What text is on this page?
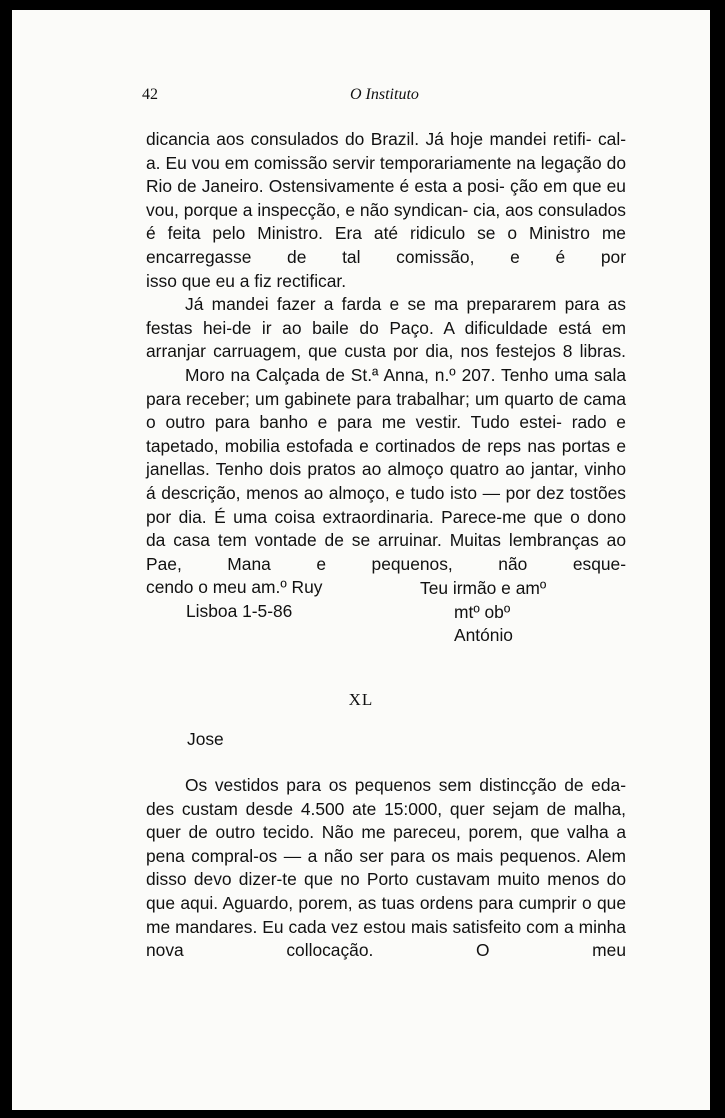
42	O Instituto

dicancia aos consulados do Brazil. Já hoje mandei retifi- cal-a. Eu vou em comissão servir temporariamente na legação do Rio de Janeiro. Ostensivamente é esta a posi- ção em que eu vou, porque a inspecção, e não syndican- cia, aos consulados é feita pelo Ministro. Era até ridiculo se o Ministro me encarregasse de tal comissão, e é por

isso que eu a fiz rectificar.

Já mandei fazer a farda e se ma prepararem para as festas hei-de ir ao baile do Paço. A dificuldade está em arranjar carruagem, que custa por dia, nos festejos 8 libras.

Moro na Calçada de St.ª Anna, n.º 207. Tenho uma sala para receber; um gabinete para trabalhar; um quarto de cama o outro para banho e para me vestir. Tudo estei- rado e tapetado, mobilia estofada e cortinados de reps nas portas e janellas. Tenho dois pratos ao almoço quatro ao jantar, vinho á descrição, menos ao almoço, e tudo isto — por dez tostões por dia. É uma coisa extraordinaria. Parece-me que o dono da casa tem vontade de se arruinar. Muitas lembranças ao Pae, Mana e pequenos, não esque-

cendo o meu am.º Ruy

Lisboa 1-5-86
Teu irmão e amº
mtº obº
António
XL
Jose

Os vestidos para os pequenos sem distincção de eda- des custam desde 4.500 ate 15:000, quer sejam de malha, quer de outro tecido. Não me pareceu, porem, que valha a pena compral-os — a não ser para os mais pequenos. Alem disso devo dizer-te que no Porto custavam muito menos do que aqui. Aguardo, porem, as tuas ordens para cumprir o que me mandares. Eu cada vez estou mais satisfeito com a minha nova collocação. O meu
